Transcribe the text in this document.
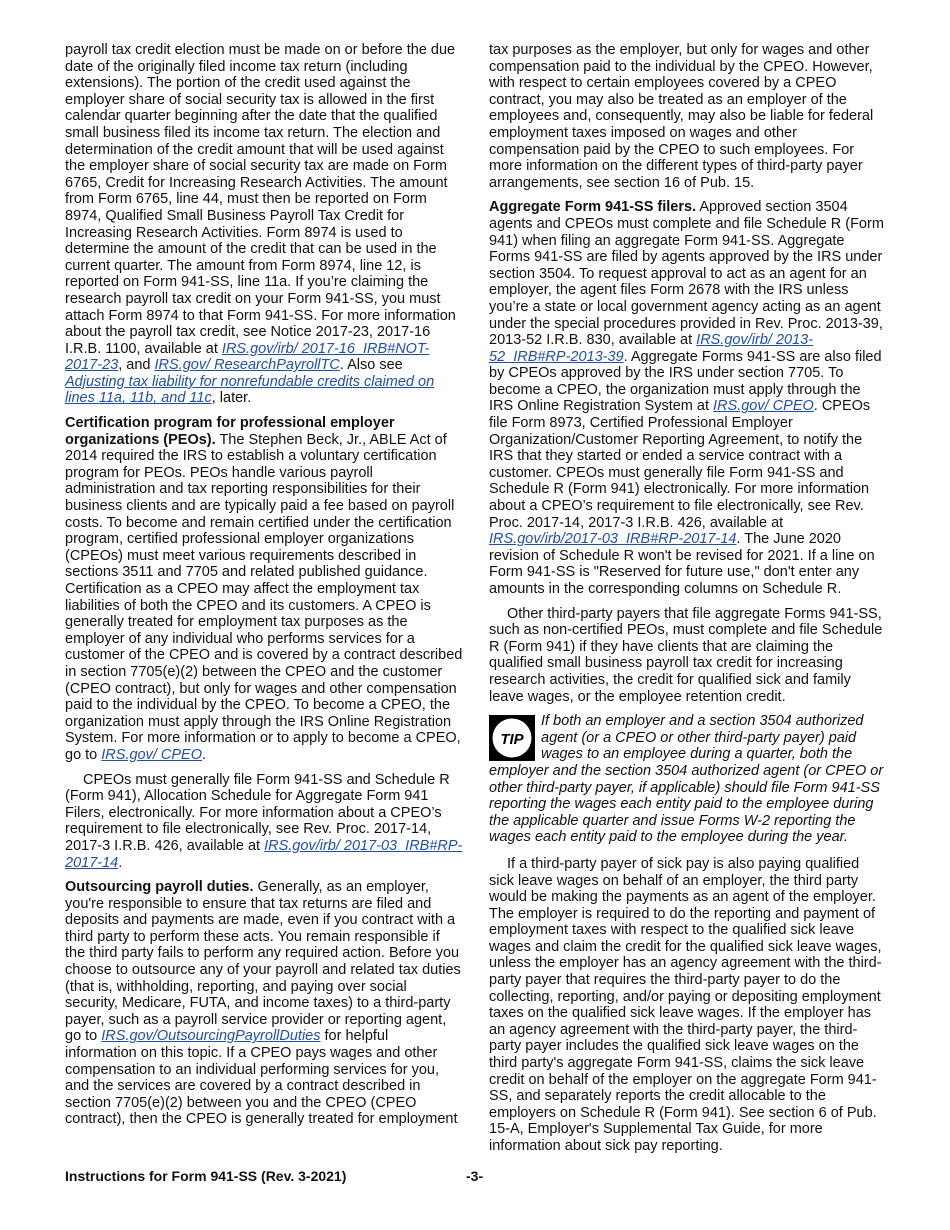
payroll tax credit election must be made on or before the due date of the originally filed income tax return (including extensions). The portion of the credit used against the employer share of social security tax is allowed in the first calendar quarter beginning after the date that the qualified small business filed its income tax return. The election and determination of the credit amount that will be used against the employer share of social security tax are made on Form 6765, Credit for Increasing Research Activities. The amount from Form 6765, line 44, must then be reported on Form 8974, Qualified Small Business Payroll Tax Credit for Increasing Research Activities. Form 8974 is used to determine the amount of the credit that can be used in the current quarter. The amount from Form 8974, line 12, is reported on Form 941-SS, line 11a. If you’re claiming the research payroll tax credit on your Form 941-SS, you must attach Form 8974 to that Form 941-SS. For more information about the payroll tax credit, see Notice 2017-23, 2017-16 I.R.B. 1100, available at IRS.gov/irb/ 2017-16_IRB#NOT-2017-23, and IRS.gov/ ResearchPayrollTC. Also see Adjusting tax liability for nonrefundable credits claimed on lines 11a, 11b, and 11c, later.

Certification program for professional employer organizations (PEOs). The Stephen Beck, Jr., ABLE Act of 2014 required the IRS to establish a voluntary certification program for PEOs. PEOs handle various payroll administration and tax reporting responsibilities for their business clients and are typically paid a fee based on payroll costs. To become and remain certified under the certification program, certified professional employer organizations (CPEOs) must meet various requirements described in sections 3511 and 7705 and related published guidance. Certification as a CPEO may affect the employment tax liabilities of both the CPEO and its customers. A CPEO is generally treated for employment tax purposes as the employer of any individual who performs services for a customer of the CPEO and is covered by a contract described in section 7705(e)(2) between the CPEO and the customer (CPEO contract), but only for wages and other compensation paid to the individual by the CPEO. To become a CPEO, the organization must apply through the IRS Online Registration System. For more information or to apply to become a CPEO, go to IRS.gov/ CPEO.

CPEOs must generally file Form 941-SS and Schedule R (Form 941), Allocation Schedule for Aggregate Form 941 Filers, electronically. For more information about a CPEO’s requirement to file electronically, see Rev. Proc. 2017-14, 2017-3 I.R.B. 426, available at IRS.gov/irb/ 2017-03_IRB#RP-2017-14.

Outsourcing payroll duties. Generally, as an employer, you're responsible to ensure that tax returns are filed and deposits and payments are made, even if you contract with a third party to perform these acts. You remain responsible if the third party fails to perform any required action. Before you choose to outsource any of your payroll and related tax duties (that is, withholding, reporting, and paying over social security, Medicare, FUTA, and income taxes) to a third-party payer, such as a payroll service provider or reporting agent, go to IRS.gov/OutsourcingPayrollDuties for helpful information on this topic. If a CPEO pays wages and other compensation to an individual performing services for you, and the services are covered by a contract described in section 7705(e)(2) between you and the CPEO (CPEO contract), then the CPEO is generally treated for employment

tax purposes as the employer, but only for wages and other compensation paid to the individual by the CPEO. However, with respect to certain employees covered by a CPEO contract, you may also be treated as an employer of the employees and, consequently, may also be liable for federal employment taxes imposed on wages and other compensation paid by the CPEO to such employees. For more information on the different types of third-party payer arrangements, see section 16 of Pub. 15.

Aggregate Form 941-SS filers. Approved section 3504 agents and CPEOs must complete and file Schedule R (Form 941) when filing an aggregate Form 941-SS. Aggregate Forms 941-SS are filed by agents approved by the IRS under section 3504. To request approval to act as an agent for an employer, the agent files Form 2678 with the IRS unless you’re a state or local government agency acting as an agent under the special procedures provided in Rev. Proc. 2013-39, 2013-52 I.R.B. 830, available at IRS.gov/irb/ 2013-52_IRB#RP-2013-39. Aggregate Forms 941-SS are also filed by CPEOs approved by the IRS under section 7705. To become a CPEO, the organization must apply through the IRS Online Registration System at IRS.gov/ CPEO. CPEOs file Form 8973, Certified Professional Employer Organization/Customer Reporting Agreement, to notify the IRS that they started or ended a service contract with a customer. CPEOs must generally file Form 941-SS and Schedule R (Form 941) electronically. For more information about a CPEO’s requirement to file electronically, see Rev. Proc. 2017-14, 2017-3 I.R.B. 426, available at IRS.gov/irb/2017-03_IRB#RP-2017-14. The June 2020 revision of Schedule R won't be revised for 2021. If a line on Form 941-SS is "Reserved for future use," don't enter any amounts in the corresponding columns on Schedule R.

Other third-party payers that file aggregate Forms 941-SS, such as non-certified PEOs, must complete and file Schedule R (Form 941) if they have clients that are claiming the qualified small business payroll tax credit for increasing research activities, the credit for qualified sick and family leave wages, or the employee retention credit.

TIP
If both an employer and a section 3504 authorized agent (or a CPEO or other third-party payer) paid wages to an employee during a quarter, both the employer and the section 3504 authorized agent (or CPEO or other third-party payer, if applicable) should file Form 941-SS reporting the wages each entity paid to the employee during the applicable quarter and issue Forms W-2 reporting the wages each entity paid to the employee during the year.

If a third-party payer of sick pay is also paying qualified sick leave wages on behalf of an employer, the third party would be making the payments as an agent of the employer. The employer is required to do the reporting and payment of employment taxes with respect to the qualified sick leave wages and claim the credit for the qualified sick leave wages, unless the employer has an agency agreement with the third-party payer that requires the third-party payer to do the collecting, reporting, and/or paying or depositing employment taxes on the qualified sick leave wages. If the employer has an agency agreement with the third-party payer, the third-party payer includes the qualified sick leave wages on the third party's aggregate Form 941-SS, claims the sick leave credit on behalf of the employer on the aggregate Form 941-SS, and separately reports the credit allocable to the employers on Schedule R (Form 941). See section 6 of Pub. 15-A, Employer's Supplemental Tax Guide, for more information about sick pay reporting.

Instructions for Form 941-SS (Rev. 3-2021)	-3-
